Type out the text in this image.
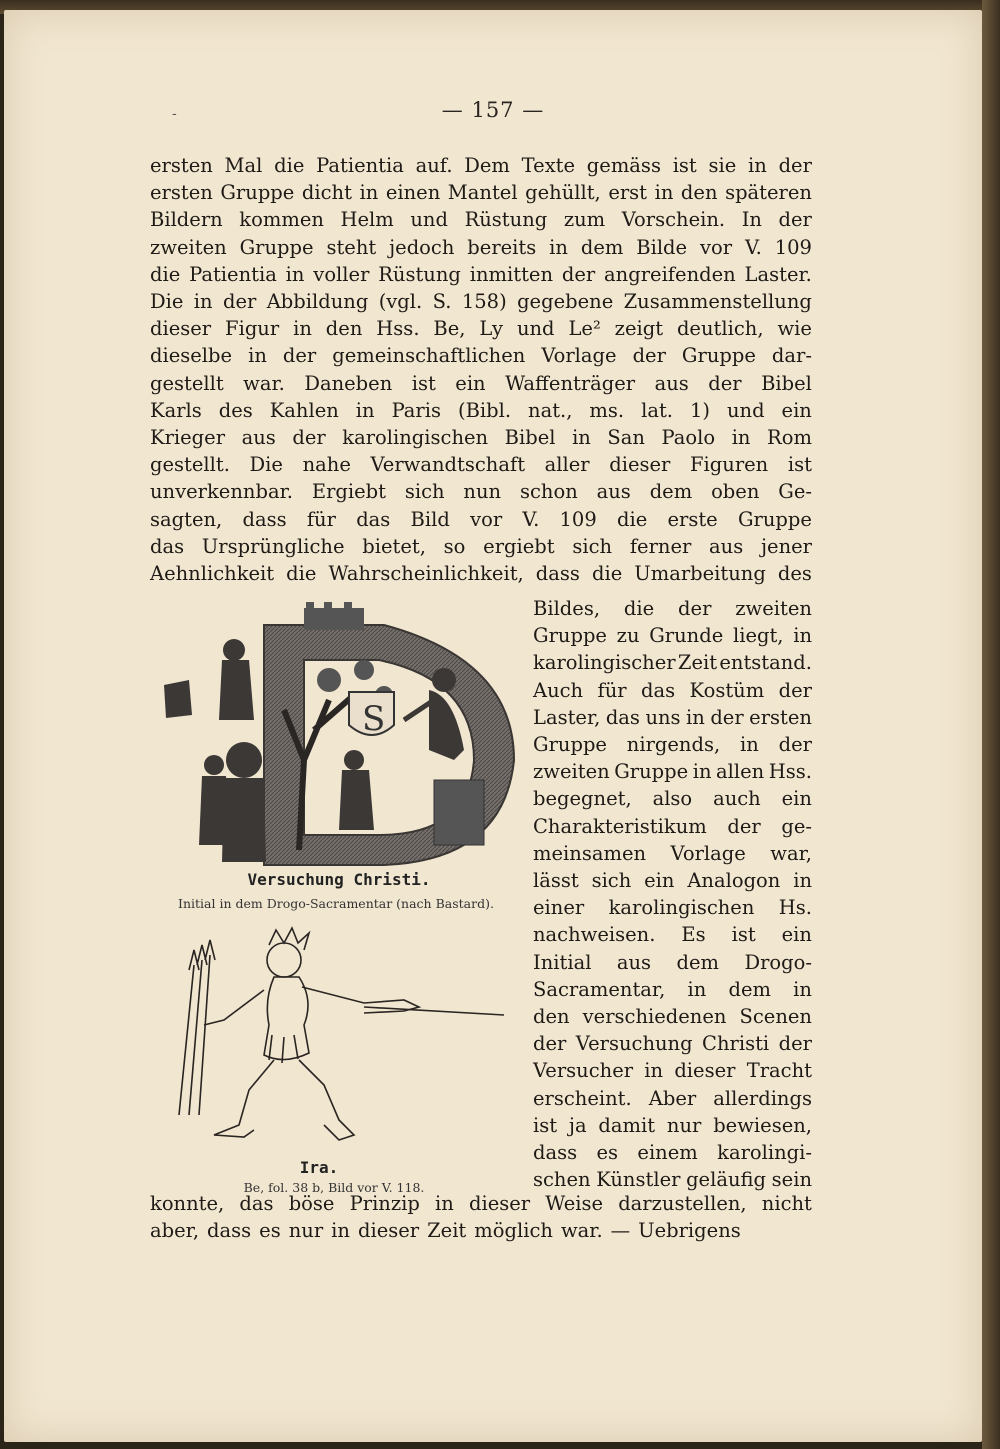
‐	— 157 —
ersten Mal die Patientia auf. Dem Texte gemäss ist sie in der
ersten Gruppe dicht in einen Mantel gehüllt, erst in den späteren
Bildern kommen Helm und Rüstung zum Vorschein. In der
zweiten Gruppe steht jedoch bereits in dem Bilde vor V. 109
die Patientia in voller Rüstung inmitten der angreifenden Laster.
Die in der Abbildung (vgl. S. 158) gegebene Zusammenstellung
dieser Figur in den Hss. Be, Ly und Le² zeigt deutlich, wie
dieselbe in der gemeinschaftlichen Vorlage der Gruppe dar-
gestellt war. Daneben ist ein Waffenträger aus der Bibel
Karls des Kahlen in Paris (Bibl. nat., ms. lat. 1) und ein
Krieger aus der karolingischen Bibel in San Paolo in Rom
gestellt. Die nahe Verwandtschaft aller dieser Figuren ist
unverkennbar. Ergiebt sich nun schon aus dem oben Ge-
sagten, dass für das Bild vor V. 109 die erste Gruppe
das Ursprüngliche bietet, so ergiebt sich ferner aus jener
Aehnlichkeit die Wahrscheinlichkeit, dass die Umarbeitung des
Bildes, die der zweiten
Gruppe zu Grunde liegt, in
karolingischer Zeit entstand.
Auch für das Kostüm der
Laster, das uns in der ersten
Gruppe nirgends, in der
zweiten Gruppe in allen Hss.
begegnet, also auch ein
Charakteristikum der ge-
meinsamen Vorlage war,
lässt sich ein Analogon in
einer karolingischen Hs.
nachweisen. Es ist ein
Initial aus dem Drogo-
Sacramentar, in dem in
den verschiedenen Scenen
der Versuchung Christi der
Versucher in dieser Tracht
erscheint. Aber allerdings
ist ja damit nur bewiesen,
dass es einem karolingi-
schen Künstler geläufig sein
konnte, das böse Prinzip in dieser Weise darzustellen, nicht
aber, dass es nur in dieser Zeit möglich war. — Uebrigens
S
Versuchung Christi.
Initial in dem Drogo-Sacramentar (nach Bastard).
Ira.
Be, fol. 38 b, Bild vor V. 118.
